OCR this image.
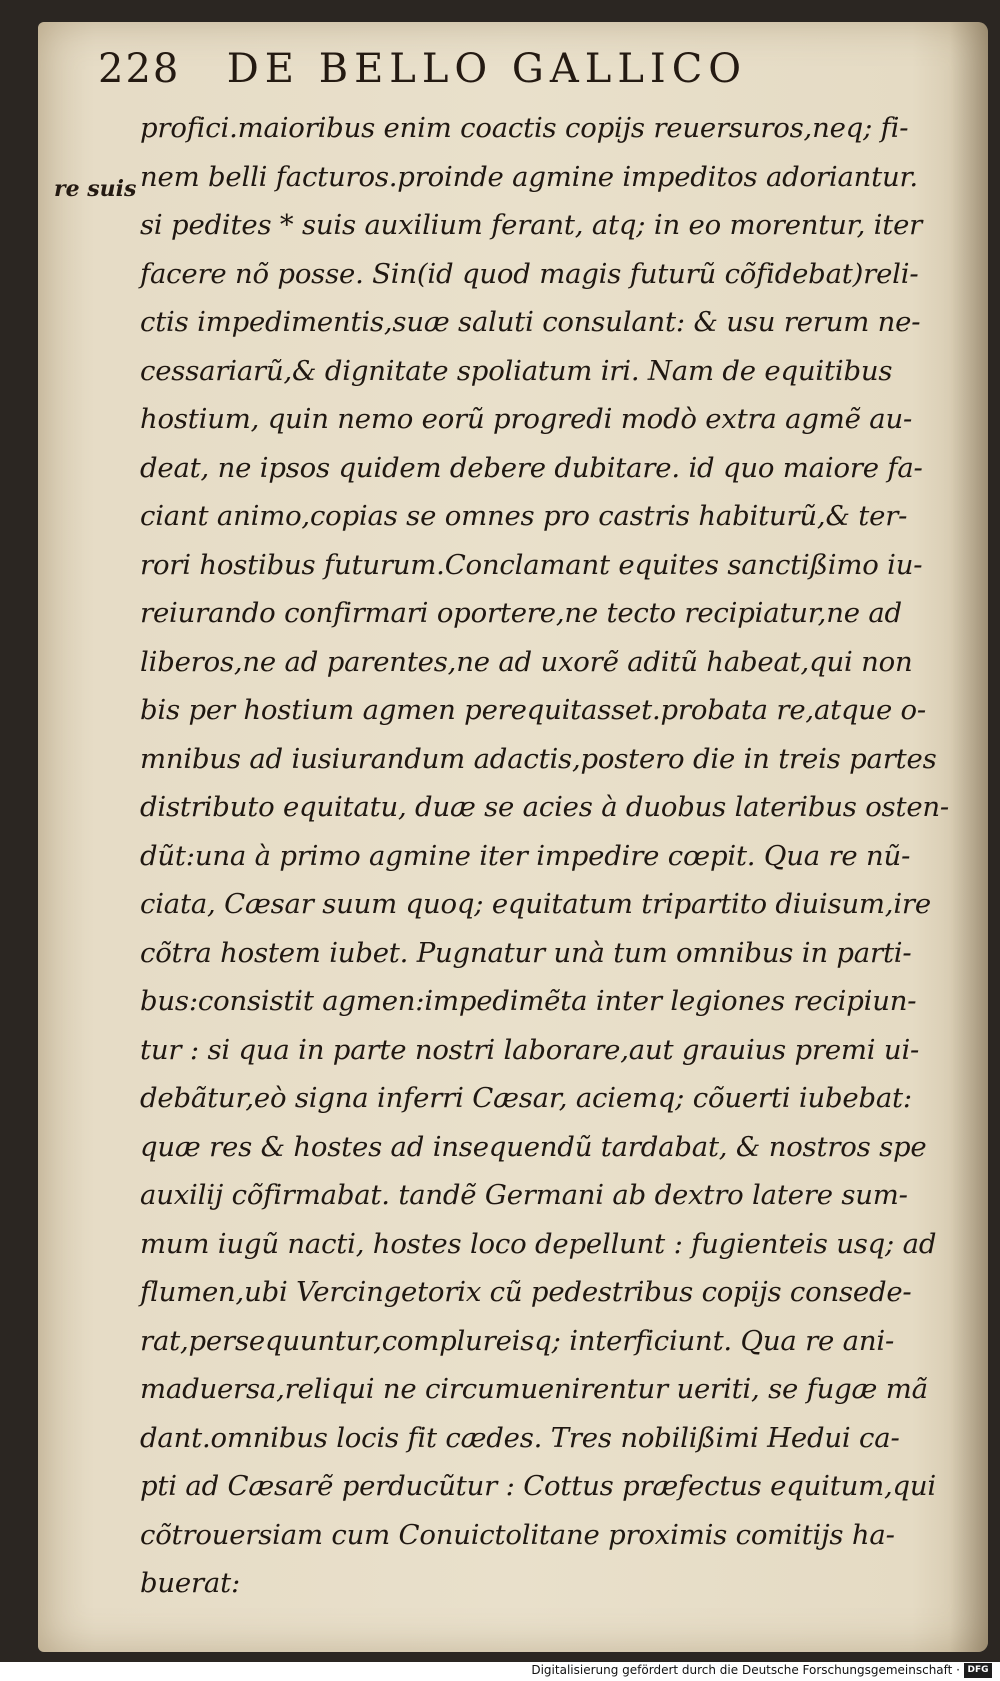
228 DE BELLO GALLICO
re suis
profici.maioribus enim coactis copijs reuersuros,neq; fi-
nem belli facturos.proinde agmine impeditos adoriantur.
si pedites * suis auxilium ferant, atq; in eo morentur, iter
facere nõ posse. Sin(id quod magis futurũ cõfidebat)reli-
ctis impedimentis,suæ saluti consulant: & usu rerum ne-
cessariarũ,& dignitate spoliatum iri. Nam de equitibus
hostium, quin nemo eorũ progredi modò extra agmẽ au-
deat, ne ipsos quidem debere dubitare. id quo maiore fa-
ciant animo,copias se omnes pro castris habiturũ,& ter-
rori hostibus futurum.Conclamant equites sanctißimo iu-
reiurando confirmari oportere,ne tecto recipiatur,ne ad
liberos,ne ad parentes,ne ad uxorẽ aditũ habeat,qui non
bis per hostium agmen perequitasset.probata re,atque o-
mnibus ad iusiurandum adactis,postero die in treis partes
distributo equitatu, duæ se acies à duobus lateribus osten-
dũt:una à primo agmine iter impedire cœpit. Qua re nũ-
ciata, Cæsar suum quoq; equitatum tripartito diuisum,ire
cõtra hostem iubet. Pugnatur unà tum omnibus in parti-
bus:consistit agmen:impedimẽta inter legiones recipiun-
tur : si qua in parte nostri laborare,aut grauius premi ui-
debãtur,eò signa inferri Cæsar, aciemq; cõuerti iubebat:
quæ res & hostes ad insequendũ tardabat, & nostros spe
auxilij cõfirmabat. tandẽ Germani ab dextro latere sum-
mum iugũ nacti, hostes loco depellunt : fugienteis usq; ad
flumen,ubi Vercingetorix cũ pedestribus copijs consede-
rat,persequuntur,complureisq; interficiunt. Qua re ani-
maduersa,reliqui ne circumuenirentur ueriti, se fugæ mã
dant.omnibus locis fit cædes. Tres nobilißimi Hedui ca-
pti ad Cæsarẽ perducũtur : Cottus præfectus equitum,qui
cõtrouersiam cum Conuictolitane proximis comitijs ha-
buerat:
Digitalisierung gefördert durch die Deutsche Forschungsgemeinschaft · DFG
